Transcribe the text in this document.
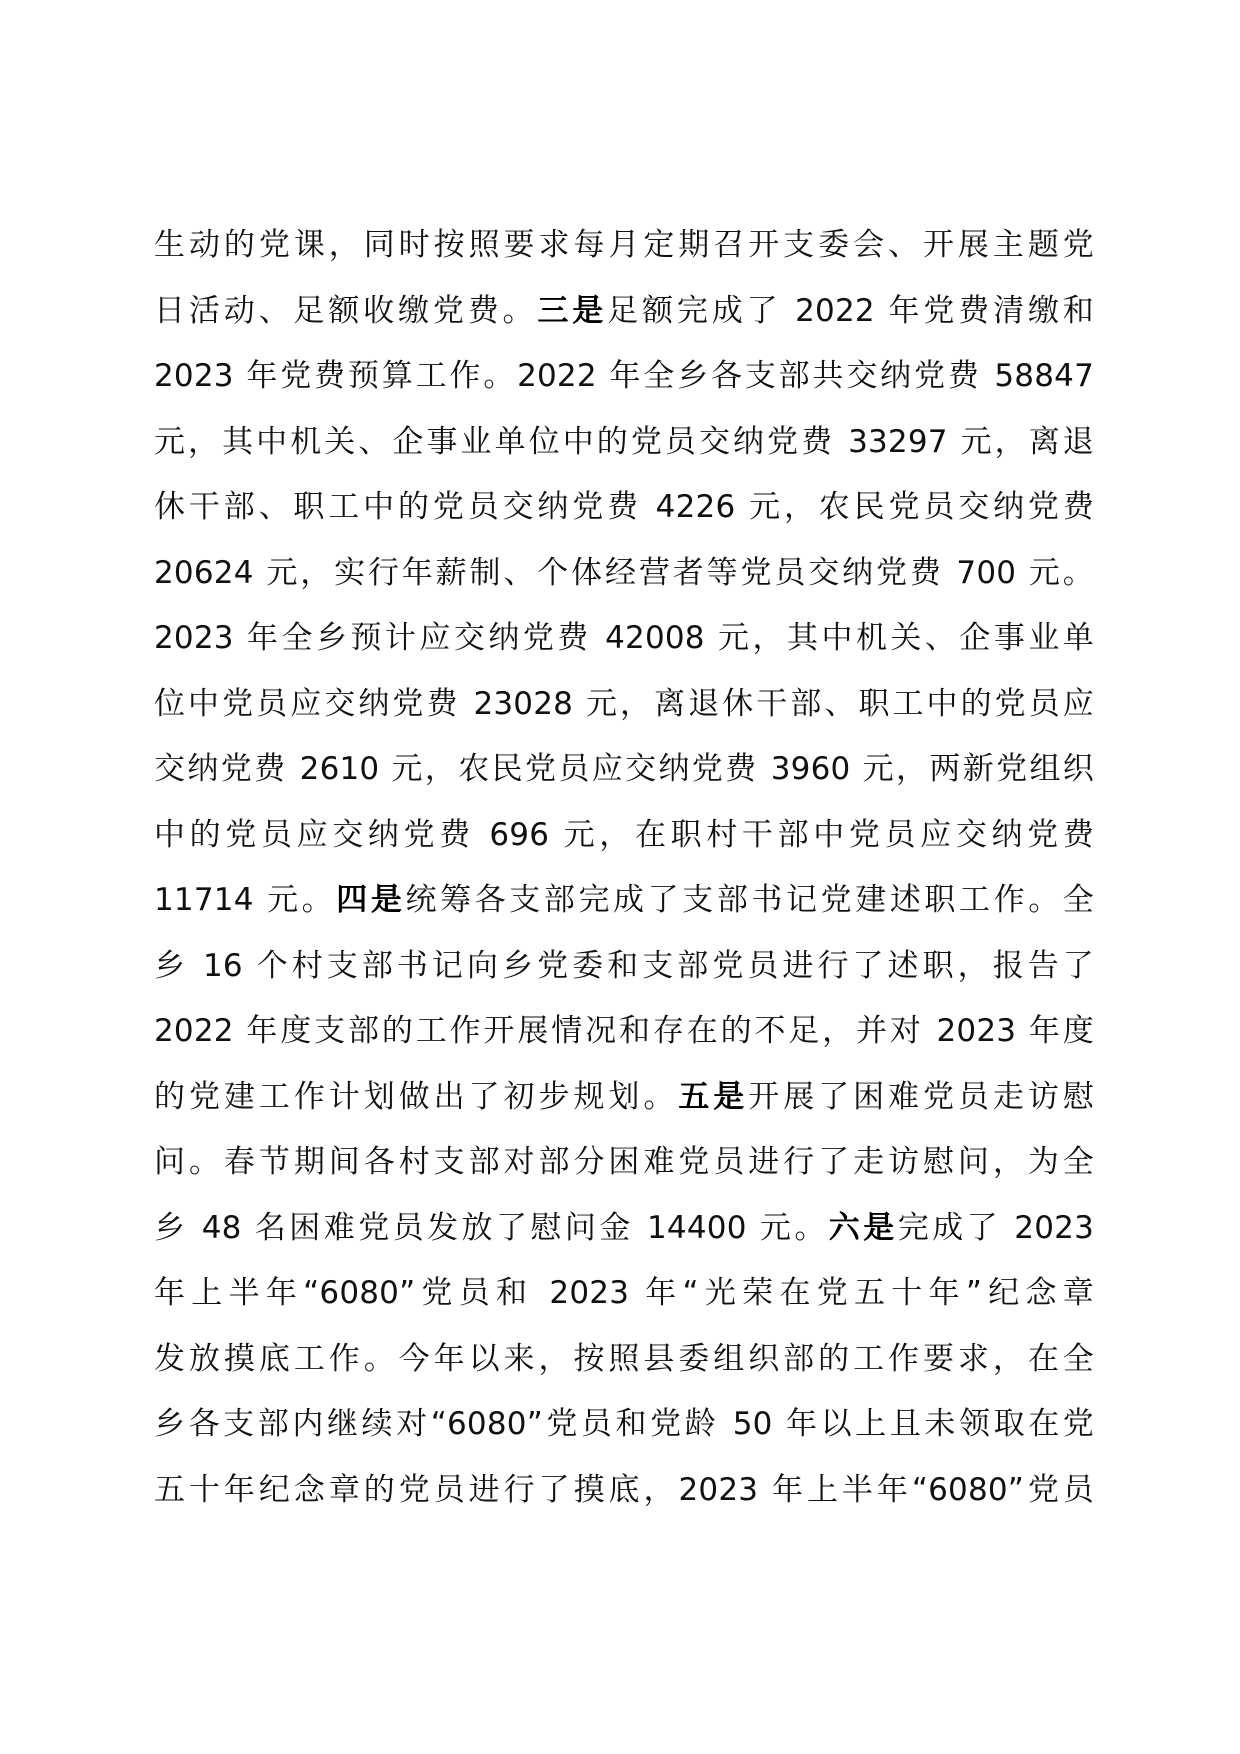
生动的党课，同时按照要求每月定期召开支委会、开展主题党
日活动、足额收缴党费。三是足额完成了 2022 年党费清缴和
2023 年党费预算工作。2022 年全乡各支部共交纳党费 58847
元，其中机关、企事业单位中的党员交纳党费 33297 元，离退
休干部、职工中的党员交纳党费 4226 元，农民党员交纳党费
20624 元，实行年薪制、个体经营者等党员交纳党费 700 元。
2023 年全乡预计应交纳党费 42008 元，其中机关、企事业单
位中党员应交纳党费 23028 元，离退休干部、职工中的党员应
交纳党费 2610 元，农民党员应交纳党费 3960 元，两新党组织
中的党员应交纳党费 696 元，在职村干部中党员应交纳党费
11714 元。四是统筹各支部完成了支部书记党建述职工作。全
乡 16 个村支部书记向乡党委和支部党员进行了述职，报告了
2022 年度支部的工作开展情况和存在的不足，并对 2023 年度
的党建工作计划做出了初步规划。五是开展了困难党员走访慰
问。春节期间各村支部对部分困难党员进行了走访慰问，为全
乡 48 名困难党员发放了慰问金 14400 元。六是完成了 2023
年上半年“6080”党员和 2023 年“光荣在党五十年”纪念章
发放摸底工作。今年以来，按照县委组织部的工作要求，在全
乡各支部内继续对“6080”党员和党龄 50 年以上且未领取在党
五十年纪念章的党员进行了摸底，2023 年上半年“6080”党员
